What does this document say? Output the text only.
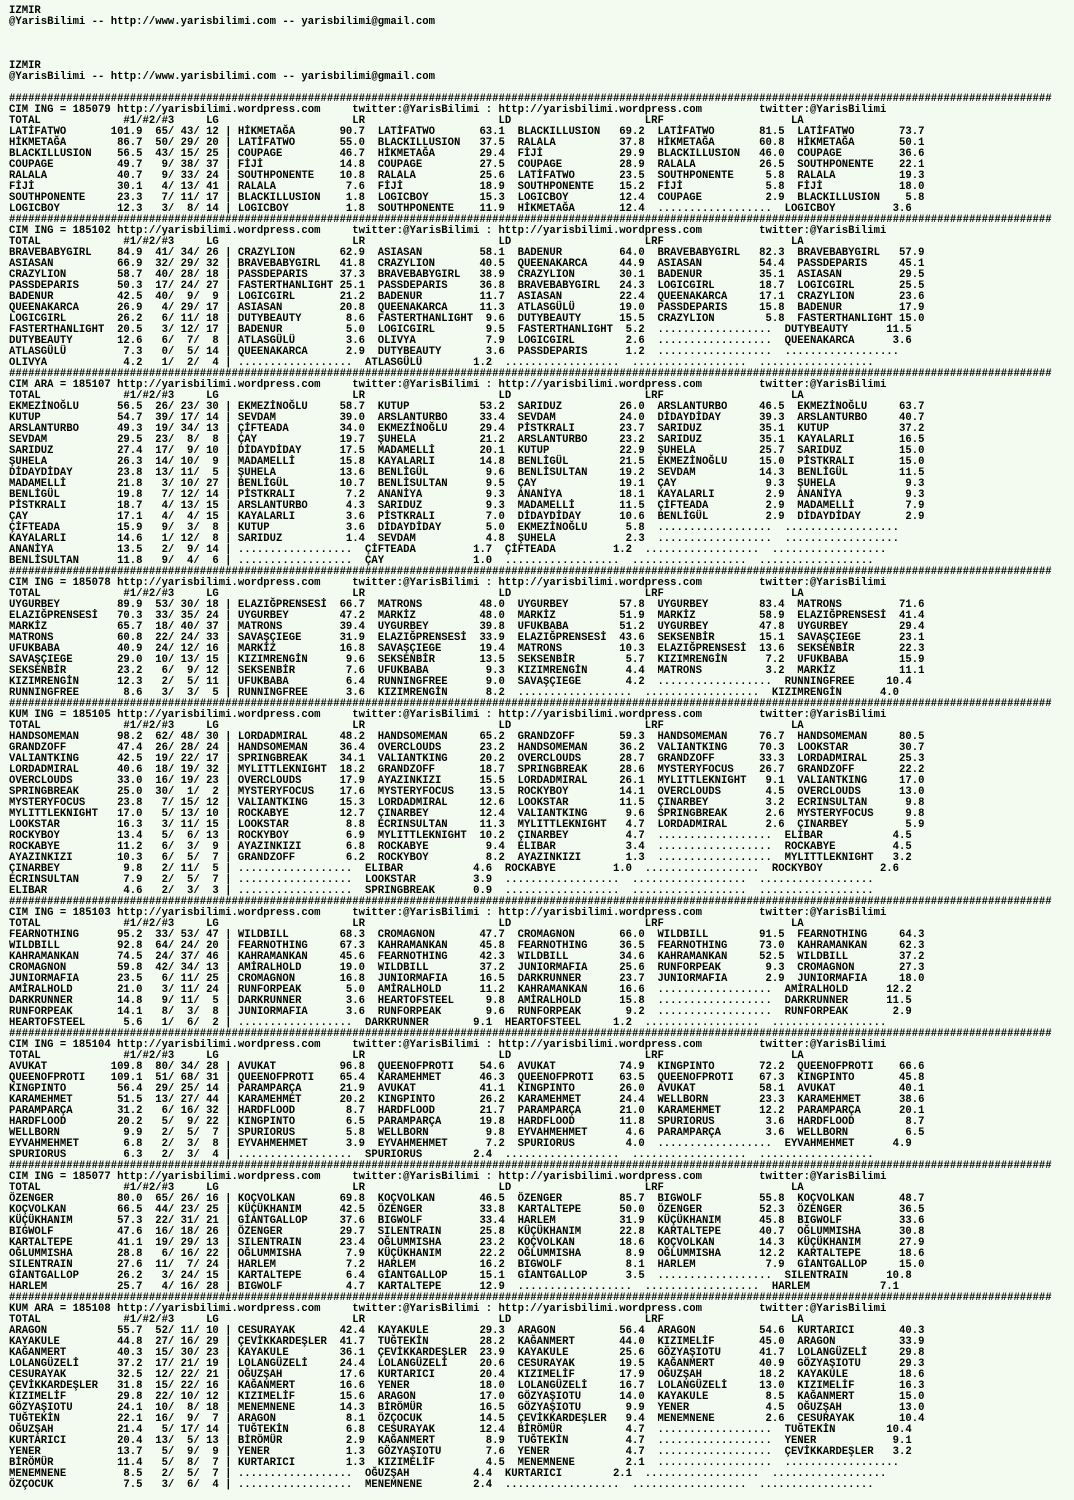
IZMIR
@YarisBilimi -- http://www.yarisbilimi.com -- yarisbilimi@gmail.com
IZMIR
@YarisBilimi -- http://www.yarisbilimi.com -- yarisbilimi@gmail.com
####################################################################################################################################################################
CIM ING = 185079 http://yarisbilimi.wordpress.com     twitter:@YarisBilimi : http://yarisbilimi.wordpress.com         twitter:@YarisBilimi
TOTAL             #1/#2/#3     LG                     LR                     LD                     LRF                    LA
LATİFATWO       101.9  65/ 43/ 12 | HİKMETAĞA       90.7  LATİFATWO       63.1  BLACKILLUSION   69.2  LATİFATWO       81.5  LATİFATWO       73.7
HİKMETAĞA        86.7  50/ 29/ 20 | LATİFATWO       55.0  BLACKILLUSION   37.5  RALALA          37.8  HİKMETAĞA       60.8  HİKMETAĞA       50.1
BLACKILLUSION    56.5  43/ 15/ 25 | COUPAGE         46.7  HİKMETAĞA       29.4  FİJİ            29.9  BLACKILLUSION   46.0  COUPAGE         36.6
COUPAGE          49.7   9/ 38/ 37 | FİJİ            14.8  COUPAGE         27.5  COUPAGE         28.9  RALALA          26.5  SOUTHPONENTE    22.1
RALALA           40.7   9/ 33/ 24 | SOUTHPONENTE    10.8  RALALA          25.6  LATİFATWO       23.5  SOUTHPONENTE     5.8  RALALA          19.3
FİJİ             30.1   4/ 13/ 41 | RALALA           7.6  FİJİ            18.9  SOUTHPONENTE    15.2  FİJİ             5.8  FİJİ            18.0
SOUTHPONENTE     23.3   7/ 11/ 17 | BLACKILLUSION    1.8  LOGICBOY        15.3  LOGICBOY        12.4  COUPAGE          2.9  BLACKILLUSION    5.8
LOGICBOY         12.3   3/  8/ 14 | LOGICBOY         1.8  SOUTHPONENTE    11.9  HİKMETAĞA       12.4  ..................  LOGICBOY         3.6
####################################################################################################################################################################
CIM ING = 185102 http://yarisbilimi.wordpress.com     twitter:@YarisBilimi : http://yarisbilimi.wordpress.com         twitter:@YarisBilimi
TOTAL             #1/#2/#3     LG                     LR                     LD                     LRF                    LA
BRAVEBABYGIRL    84.9  41/ 34/ 26 | CRAZYLION       62.9  ASIASAN         58.1  BADENUR         64.0  BRAVEBABYGIRL   82.3  BRAVEBABYGIRL   57.9
ASIASAN          66.9  32/ 29/ 32 | BRAVEBABYGIRL   41.8  CRAZYLION       40.5  QUEENAKARCA     44.9  ASIASAN         54.4  PASSDEPARIS     45.1
CRAZYLION        58.7  40/ 28/ 18 | PASSDEPARIS     37.3  BRAVEBABYGIRL   38.9  CRAZYLION       30.1  BADENUR         35.1  ASIASAN         29.5
PASSDEPARIS      50.3  17/ 24/ 27 | FASTERTHANLIGHT 25.1  PASSDEPARIS     36.8  BRAVEBABYGIRL   24.3  LOGICGIRL       18.7  LOGICGIRL       25.5
BADENUR          42.5  40/  9/  9 | LOGICGIRL       21.2  BADENUR         11.7  ASIASAN         22.4  QUEENAKARCA     17.1  CRAZYLION       23.6
QUEENAKARCA      26.9   4/ 29/ 17 | ASIASAN         20.8  QUEENAKARCA     11.3  ATLASGÜLÜ       19.0  PASSDEPARIS     15.8  BADENUR         17.9
LOGICGIRL        26.2   6/ 11/ 18 | DUTYBEAUTY       8.6  FASTERTHANLIGHT  9.6  DUTYBEAUTY      15.5  CRAZYLION        5.8  FASTERTHANLIGHT 15.0
FASTERTHANLIGHT  20.5   3/ 12/ 17 | BADENUR          5.0  LOGICGIRL        9.5  FASTERTHANLIGHT  5.2  ..................  DUTYBEAUTY      11.5
DUTYBEAUTY       12.6   6/  7/  8 | ATLASGÜLÜ        3.6  OLIVYA           7.9  LOGICGIRL        2.6  ..................  QUEENAKARCA      3.6
ATLASGÜLÜ         7.3   0/  5/ 14 | QUEENAKARCA      2.9  DUTYBEAUTY       3.6  PASSDEPARIS      1.2  ..................  ..................
OLIVYA            4.2   1/  2/  4 | ..................  ATLASGÜLÜ        1.2  ..................  ..................  ..................
####################################################################################################################################################################
CIM ARA = 185107 http://yarisbilimi.wordpress.com     twitter:@YarisBilimi : http://yarisbilimi.wordpress.com         twitter:@YarisBilimi
TOTAL             #1/#2/#3     LG                     LR                     LD                     LRF                    LA
EKMEZİNOĞLU      56.5  26/ 23/ 30 | EKMEZİNOĞLU     58.7  KUTUP           53.2  SARIDUZ         26.0  ARSLANTURBO     46.5  EKMEZİNOĞLU     63.7
KUTUP            54.7  39/ 17/ 14 | SEVDAM          39.0  ARSLANTURBO     33.4  SEVDAM          24.0  DİDAYDİDAY      39.3  ARSLANTURBO     40.7
ARSLANTURBO      49.3  19/ 34/ 13 | ÇİFTEADA        34.0  EKMEZİNOĞLU     29.4  PİSTKRALI       23.7  SARIDUZ         35.1  KUTUP           37.2
SEVDAM           29.5  23/  8/  8 | ÇAY             19.7  ŞUHELA          21.2  ARSLANTURBO     23.2  SARIDUZ         35.1  KAYALARLI       16.5
SARIDUZ          27.4  17/  9/ 10 | DİDAYDİDAY      17.5  MADAMELLİ       20.1  KUTUP           22.9  ŞUHELA          25.7  SARIDUZ         15.0
ŞUHELA           26.3  14/ 10/  9 | MADAMELLİ       15.8  KAYALARLI       14.8  BENLİGÜL        21.5  EKMEZİNOĞLU     15.0  PİSTKRALI       15.0
DİDAYDİDAY       23.8  13/ 11/  5 | ŞUHELA          13.6  BENLİGÜL         9.6  BENLİSULTAN     19.2  SEVDAM          14.3  BENLİGÜL        11.5
MADAMELLİ        21.8   3/ 10/ 27 | BENLİGÜL        10.7  BENLİSULTAN      9.5  ÇAY             19.1  ÇAY              9.3  ŞUHELA           9.3
BENLİGÜL         19.8   7/ 12/ 14 | PİSTKRALI        7.2  ANANİYA          9.3  ANANİYA         18.1  KAYALARLI        2.9  ANANİYA          9.3
PİSTKRALI        18.7   4/ 13/ 15 | ARSLANTURBO      4.3  SARIDUZ          9.3  MADAMELLİ       11.5  ÇİFTEADA         2.9  MADAMELLİ        7.9
ÇAY              17.1   4/  4/ 15 | KAYALARLI        3.6  PİSTKRALI        7.0  DİDAYDİDAY      10.6  BENLİGÜL         2.9  DİDAYDİDAY       2.9
ÇİFTEADA         15.9   9/  3/  8 | KUTUP            3.6  DİDAYDİDAY       5.0  EKMEZİNOĞLU      5.8  ..................  ..................
KAYALARLI        14.6   1/ 12/  8 | SARIDUZ          1.4  SEVDAM           4.8  ŞUHELA           2.3  ..................  ..................
ANANİYA          13.5   2/  9/ 14 | ..................  ÇİFTEADA         1.7  ÇİFTEADA         1.2  ..................  ..................
BENLİSULTAN      11.8   9/  4/  6 | ..................  ÇAY              1.0  ..................  ..................  ..................
####################################################################################################################################################################
CIM ING = 185078 http://yarisbilimi.wordpress.com     twitter:@YarisBilimi : http://yarisbilimi.wordpress.com         twitter:@YarisBilimi
TOTAL             #1/#2/#3     LG                     LR                     LD                     LRF                    LA
UYGURBEY         89.9  53/ 30/ 18 | ELAZIĞPRENSESİ  66.7  MATRONS         48.0  UYGURBEY        57.8  UYGURBEY        83.4  MATRONS         71.6
ELAZIĞPRENSESİ   70.3  33/ 35/ 24 | UYGURBEY        47.2  MARKİZ          48.0  MARKİZ          51.9  MARKİZ          58.9  ELAZIĞPRENSESİ  41.4
MARKİZ           65.7  18/ 40/ 37 | MATRONS         39.4  UYGURBEY        39.8  UFUKBABA        51.2  UYGURBEY        47.8  UYGURBEY        29.4
MATRONS          60.8  22/ 24/ 33 | SAVAŞÇIEGE      31.9  ELAZIĞPRENSESİ  33.9  ELAZIĞPRENSESİ  43.6  SEKSENBİR       15.1  SAVAŞÇIEGE      23.1
UFUKBABA         40.9  24/ 12/ 16 | MARKİZ          16.8  SAVAŞÇIEGE      19.4  MATRONS         10.3  ELAZIĞPRENSESİ  13.6  SEKSENBİR       22.3
SAVAŞÇIEGE       29.0  10/ 13/ 15 | KIZIMRENGİN      9.6  SEKSENBİR       13.5  SEKSENBİR        5.7  KIZIMRENGİN      7.2  UFUKBABA        15.9
SEKSENBİR        23.2   6/  9/ 12 | SEKSENBİR        7.6  UFUKBABA         9.3  KIZIMRENGİN      4.4  MATRONS          3.2  MARKİZ          11.1
KIZIMRENGİN      12.3   2/  5/ 11 | UFUKBABA         6.4  RUNNINGFREE      9.0  SAVAŞÇIEGE       4.2  ..................  RUNNINGFREE     10.4
RUNNINGFREE       8.6   3/  3/  5 | RUNNINGFREE      3.6  KIZIMRENGİN      8.2  ..................  ..................  KIZIMRENGİN      4.0
####################################################################################################################################################################
KUM ING = 185105 http://yarisbilimi.wordpress.com     twitter:@YarisBilimi : http://yarisbilimi.wordpress.com         twitter:@YarisBilimi
TOTAL             #1/#2/#3     LG                     LR                     LD                     LRF                    LA
HANDSOMEMAN      98.2  62/ 48/ 30 | LORDADMIRAL     48.2  HANDSOMEMAN     65.2  GRANDZOFF       59.3  HANDSOMEMAN     76.7  HANDSOMEMAN     80.5
GRANDZOFF        47.4  26/ 28/ 24 | HANDSOMEMAN     36.4  OVERCLOUDS      23.2  HANDSOMEMAN     36.2  VALIANTKING     70.3  LOOKSTAR        30.7
VALIANTKING      42.5  19/ 22/ 17 | SPRINGBREAK     34.1  VALIANTKING     20.2  OVERCLOUDS      28.7  GRANDZOFF       33.3  LORDADMIRAL     25.3
LORDADMIRAL      40.6  18/ 19/ 32 | MYLITTLEKNIGHT  18.2  GRANDZOFF       18.7  SPRINGBREAK     28.6  MYSTERYFOCUS    26.7  GRANDZOFF       22.2
OVERCLOUDS       33.0  16/ 19/ 23 | OVERCLOUDS      17.9  AYAZINKIZI      15.5  LORDADMIRAL     26.1  MYLITTLEKNIGHT   9.1  VALIANTKING     17.0
SPRINGBREAK      25.0  30/  1/  2 | MYSTERYFOCUS    17.6  MYSTERYFOCUS    13.5  ROCKYBOY        14.1  OVERCLOUDS       4.5  OVERCLOUDS      13.0
MYSTERYFOCUS     23.8   7/ 15/ 12 | VALIANTKING     15.3  LORDADMIRAL     12.6  LOOKSTAR        11.5  ÇINARBEY         3.2  ECRINSULTAN      9.8
MYLITTLEKNIGHT   17.0   5/ 13/ 10 | ROCKABYE        12.7  ÇINARBEY        12.4  VALIANTKING      9.6  SPRINGBREAK      2.6  MYSTERYFOCUS     9.8
LOOKSTAR         16.3   3/ 11/ 15 | LOOKSTAR         8.8  ECRINSULTAN     11.3  MYLITTLEKNIGHT   4.7  LORDADMIRAL      2.6  ÇINARBEY         5.9
ROCKYBOY         13.4   5/  6/ 13 | ROCKYBOY         6.9  MYLITTLEKNIGHT  10.2  ÇINARBEY         4.7  ..................  ELIBAR           4.5
ROCKABYE         11.2   6/  3/  9 | AYAZINKIZI       6.8  ROCKABYE         9.4  ELIBAR           3.4  ..................  ROCKABYE         4.5
AYAZINKIZI       10.3   6/  5/  7 | GRANDZOFF        6.2  ROCKYBOY         8.2  AYAZINKIZI       1.3  ..................  MYLITTLEKNIGHT   3.2
ÇINARBEY          9.8   2/ 11/  5 | ..................  ELIBAR           4.6  ROCKABYE         1.0  ..................  ROCKYBOY         2.6
ECRINSULTAN       7.9   2/  5/  7 | ..................  LOOKSTAR         3.9  ..................  ..................  ..................
ELIBAR            4.6   2/  3/  3 | ..................  SPRINGBREAK      0.9  ..................  ..................  ..................
####################################################################################################################################################################
CIM ING = 185103 http://yarisbilimi.wordpress.com     twitter:@YarisBilimi : http://yarisbilimi.wordpress.com         twitter:@YarisBilimi
TOTAL             #1/#2/#3     LG                     LR                     LD                     LRF                    LA
FEARNOTHING      95.2  33/ 53/ 47 | WILDBILL        68.3  CROMAGNON       47.7  CROMAGNON       66.0  WILDBILL        91.5  FEARNOTHING     64.3
WILDBILL         92.8  64/ 24/ 20 | FEARNOTHING     67.3  KAHRAMANKAN     45.8  FEARNOTHING     36.5  FEARNOTHING     73.0  KAHRAMANKAN     62.3
KAHRAMANKAN      74.5  24/ 37/ 46 | KAHRAMANKAN     45.6  FEARNOTHING     42.3  WILDBILL        34.6  KAHRAMANKAN     52.5  WILDBILL        37.2
CROMAGNON        59.8  42/ 34/ 13 | AMİRALHOLD      19.0  WILDBILL        37.2  JUNIORMAFIA     25.6  RUNFORPEAK       9.3  CROMAGNON       27.3
JUNIORMAFIA      23.5   6/ 11/ 25 | CROMAGNON       16.8  JUNIORMAFIA     16.5  DARKRUNNER      23.7  JUNIORMAFIA      2.9  JUNIORMAFIA     18.0
AMİRALHOLD       21.0   3/ 11/ 24 | RUNFORPEAK       5.0  AMİRALHOLD      11.2  KAHRAMANKAN     16.6  ..................  AMİRALHOLD      12.2
DARKRUNNER       14.8   9/ 11/  5 | DARKRUNNER       3.6  HEARTOFSTEEL     9.8  AMİRALHOLD      15.8  ..................  DARKRUNNER      11.5
RUNFORPEAK       14.1   8/  3/  8 | JUNIORMAFIA      3.6  RUNFORPEAK       9.6  RUNFORPEAK       9.2  ..................  RUNFORPEAK       2.9
HEARTOFSTEEL      5.6   1/  6/  2 | ..................  DARKRUNNER       9.1  HEARTOFSTEEL     1.2  ..................  ..................
####################################################################################################################################################################
CIM ING = 185104 http://yarisbilimi.wordpress.com     twitter:@YarisBilimi : http://yarisbilimi.wordpress.com         twitter:@YarisBilimi
TOTAL             #1/#2/#3     LG                     LR                     LD                     LRF                    LA
AVUKAT          109.8  80/ 34/ 28 | AVUKAT          96.8  QUEENOFPROTI    54.6  AVUKAT          74.9  KINGPINTO       72.2  QUEENOFPROTI    66.6
QUEENOFPROTI    109.1  51/ 68/ 31 | QUEENOFPROTI    65.4  KARAMEHMET      46.3  QUEENOFPROTI    63.5  QUEENOFPROTI    67.3  KINGPINTO       45.8
KINGPINTO        56.4  29/ 25/ 14 | PARAMPARÇA      21.9  AVUKAT          41.1  KINGPINTO       26.0  AVUKAT          58.1  AVUKAT          40.1
KARAMEHMET       51.5  13/ 27/ 44 | KARAMEHMET      20.2  KINGPINTO       26.2  KARAMEHMET      24.4  WELLBORN        23.3  KARAMEHMET      38.6
PARAMPARÇA       31.2   6/ 16/ 32 | HARDFLOOD        8.7  HARDFLOOD       21.7  PARAMPARÇA      21.0  KARAMEHMET      12.2  PARAMPARÇA      20.1
HARDFLOOD        20.2   5/  9/ 22 | KINGPINTO        6.5  PARAMPARÇA      19.8  HARDFLOOD       11.8  SPURIORUS        3.6  HARDFLOOD        8.7
WELLBORN          9.9   2/  5/  7 | SPURIORUS        5.8  WELLBORN         9.8  EYVAHMEHMET      4.6  PARAMPARÇA       3.6  WELLBORN         6.5
EYVAHMEHMET       6.8   2/  3/  8 | EYVAHMEHMET      3.9  EYVAHMEHMET      7.2  SPURIORUS        4.0  ..................  EYVAHMEHMET      4.9
SPURIORUS         6.3   2/  3/  4 | ..................  SPURIORUS        2.4  ..................  ..................  ..................
####################################################################################################################################################################
CIM ING = 185077 http://yarisbilimi.wordpress.com     twitter:@YarisBilimi : http://yarisbilimi.wordpress.com         twitter:@YarisBilimi
TOTAL             #1/#2/#3     LG                     LR                     LD                     LRF                    LA
ÖZENGER          80.0  65/ 26/ 16 | KOÇVOLKAN       69.8  KOÇVOLKAN       46.5  ÖZENGER         85.7  BIGWOLF         55.8  KOÇVOLKAN       48.7
KOÇVOLKAN        66.5  44/ 23/ 25 | KÜÇÜKHANIM      42.5  ÖZENGER         33.8  KARTALTEPE      50.0  ÖZENGER         52.3  ÖZENGER         36.5
KÜÇÜKHANIM       57.3  22/ 31/ 21 | GİANTGALLOP     37.6  BIGWOLF         33.4  HARLEM          31.9  KÜÇÜKHANIM      45.8  BIGWOLF         33.6
BIGWOLF          47.6  16/ 18/ 26 | ÖZENGER         29.7  SILENTRAIN      25.8  KÜÇÜKHANIM      22.8  KARTALTEPE      40.7  OĞLUMMISHA      30.8
KARTALTEPE       41.1  19/ 29/ 13 | SILENTRAIN      23.4  OĞLUMMISHA      23.2  KOÇVOLKAN       18.6  KOÇVOLKAN       14.3  KÜÇÜKHANIM      27.9
OĞLUMMISHA       28.8   6/ 16/ 22 | OĞLUMMISHA       7.9  KÜÇÜKHANIM      22.2  OĞLUMMISHA       8.9  OĞLUMMISHA      12.2  KARTALTEPE      18.6
SILENTRAIN       27.6  11/  7/ 24 | HARLEM           7.2  HARLEM          16.2  BIGWOLF          8.1  HARLEM           7.9  GİANTGALLOP     15.0
GİANTGALLOP      26.2   3/ 24/ 15 | KARTALTEPE       6.4  GİANTGALLOP     15.1  GİANTGALLOP      3.5  ..................  SILENTRAIN      10.8
HARLEM           25.7   4/ 16/ 28 | BIGWOLF          4.7  KARTALTEPE      12.9  ..................  ..................  HARLEM           7.1
####################################################################################################################################################################
KUM ARA = 185108 http://yarisbilimi.wordpress.com     twitter:@YarisBilimi : http://yarisbilimi.wordpress.com         twitter:@YarisBilimi
TOTAL             #1/#2/#3     LG                     LR                     LD                     LRF                    LA
ARAGON           55.7  52/ 11/ 10 | CESURAYAK       42.4  KAYAKULE        29.3  ARAGON          56.4  ARAGON          54.6  KURTARICI       40.3
KAYAKULE         44.8  27/ 16/ 29 | ÇEVİKKARDEŞLER  41.7  TUĞTEKİN        28.2  KAĞANMERT       44.0  KIZIMELİF       45.0  ARAGON          33.9
KAĞANMERT        40.3  15/ 30/ 23 | KAYAKULE        36.1  ÇEVİKKARDEŞLER  23.9  KAYAKULE        25.6  GÖZYAŞIOTU      41.7  LOLANGÜZELİ     29.8
LOLANGÜZELİ      37.2  17/ 21/ 19 | LOLANGÜZELİ     24.4  LOLANGÜZELİ     20.6  CESURAYAK       19.5  KAĞANMERT       40.9  GÖZYAŞIOTU      29.3
CESURAYAK        32.5  12/ 22/ 21 | OĞUZŞAH         17.6  KURTARICI       20.4  KIZIMELİF       17.9  OĞUZŞAH         18.2  KAYAKULE        18.6
ÇEVİKKARDEŞLER   31.8  15/ 22/ 16 | KAĞANMERT       16.6  YENER           18.0  LOLANGÜZELİ     16.7  LOLANGÜZELİ     13.0  KIZIMELİF       16.3
KIZIMELİF        29.8  22/ 10/ 12 | KIZIMELİF       15.6  ARAGON          17.0  GÖZYAŞIOTU      14.0  KAYAKULE         8.5  KAĞANMERT       15.0
GÖZYAŞIOTU       24.1  10/  8/ 18 | MENEMNENE       14.3  BİRÖMÜR         16.5  GÖZYAŞIOTU       9.9  YENER            4.5  OĞUZŞAH         13.0
TUĞTEKİN         22.1  16/  9/  7 | ARAGON           8.1  ÖZÇOCUK         14.5  ÇEVİKKARDEŞLER   9.4  MENEMNENE        2.6  CESURAYAK       10.4
OĞUZŞAH          21.4   5/ 17/ 14 | TUĞTEKİN         6.8  CESURAYAK       12.4  BİRÖMÜR          4.7  ..................  TUĞTEKİN        10.4
KURTARICI        20.4  13/  5/ 13 | BİRÖMÜR          2.9  KAĞANMERT        8.9  TUĞTEKİN         4.7  ..................  YENER            9.1
YENER            13.7   5/  9/  9 | YENER            1.3  GÖZYAŞIOTU       7.6  YENER            4.7  ..................  ÇEVİKKARDEŞLER   3.2
BİRÖMÜR          11.4   5/  8/  7 | KURTARICI        1.3  KIZIMELİF        4.5  MENEMNENE        2.1  ..................  ..................
MENEMNENE         8.5   2/  5/  7 | ..................  OĞUZŞAH          4.4  KURTARICI        2.1  ..................  ..................
ÖZÇOCUK           7.5   3/  6/  4 | ..................  MENEMNENE        2.4  ..................  ..................  ..................
